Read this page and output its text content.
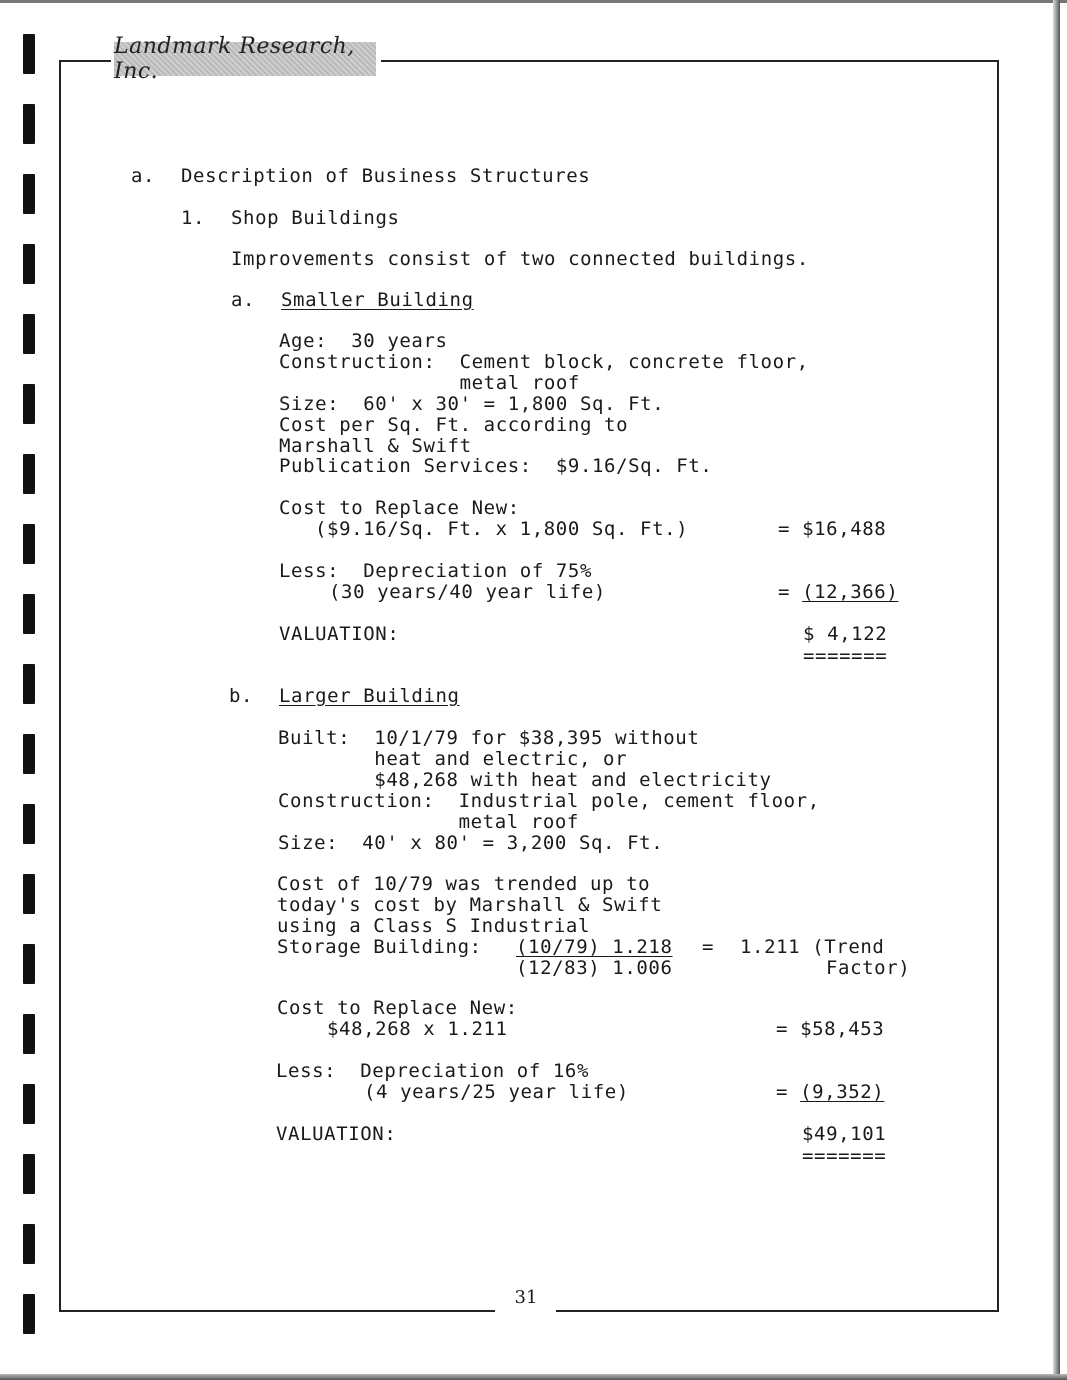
Landmark Research, Inc.
a. Description of Business Structures
1. Shop Buildings
Improvements consist of two connected buildings.
a. Smaller Building
Age:  30 years
Construction:  Cement block, concrete floor,
metal roof
Size:  60' x 30' = 1,800 Sq. Ft.
Cost per Sq. Ft. according to
Marshall & Swift
Publication Services:  $9.16/Sq. Ft.
Cost to Replace New:
($9.16/Sq. Ft. x 1,800 Sq. Ft.)	= $16,488
Less:  Depreciation of 75%
(30 years/40 year life)	= (12,366)
VALUATION:	$ 4,122
=======
b. Larger Building
Built:  10/1/79 for $38,395 without
heat and electric, or
$48,268 with heat and electricity
Construction:  Industrial pole, cement floor,
metal roof
Size:  40' x 80' = 3,200 Sq. Ft.
Cost of 10/79 was trended up to
today's cost by Marshall & Swift
using a Class S Industrial
Storage Building: (10/79) 1.218
(12/83) 1.006
= 1.211 (Trend
Factor)
Cost to Replace New:
$48,268 x 1.211	= $58,453
Less:  Depreciation of 16%
(4 years/25 year life)	= (9,352)
VALUATION:	$49,101
=======
31
